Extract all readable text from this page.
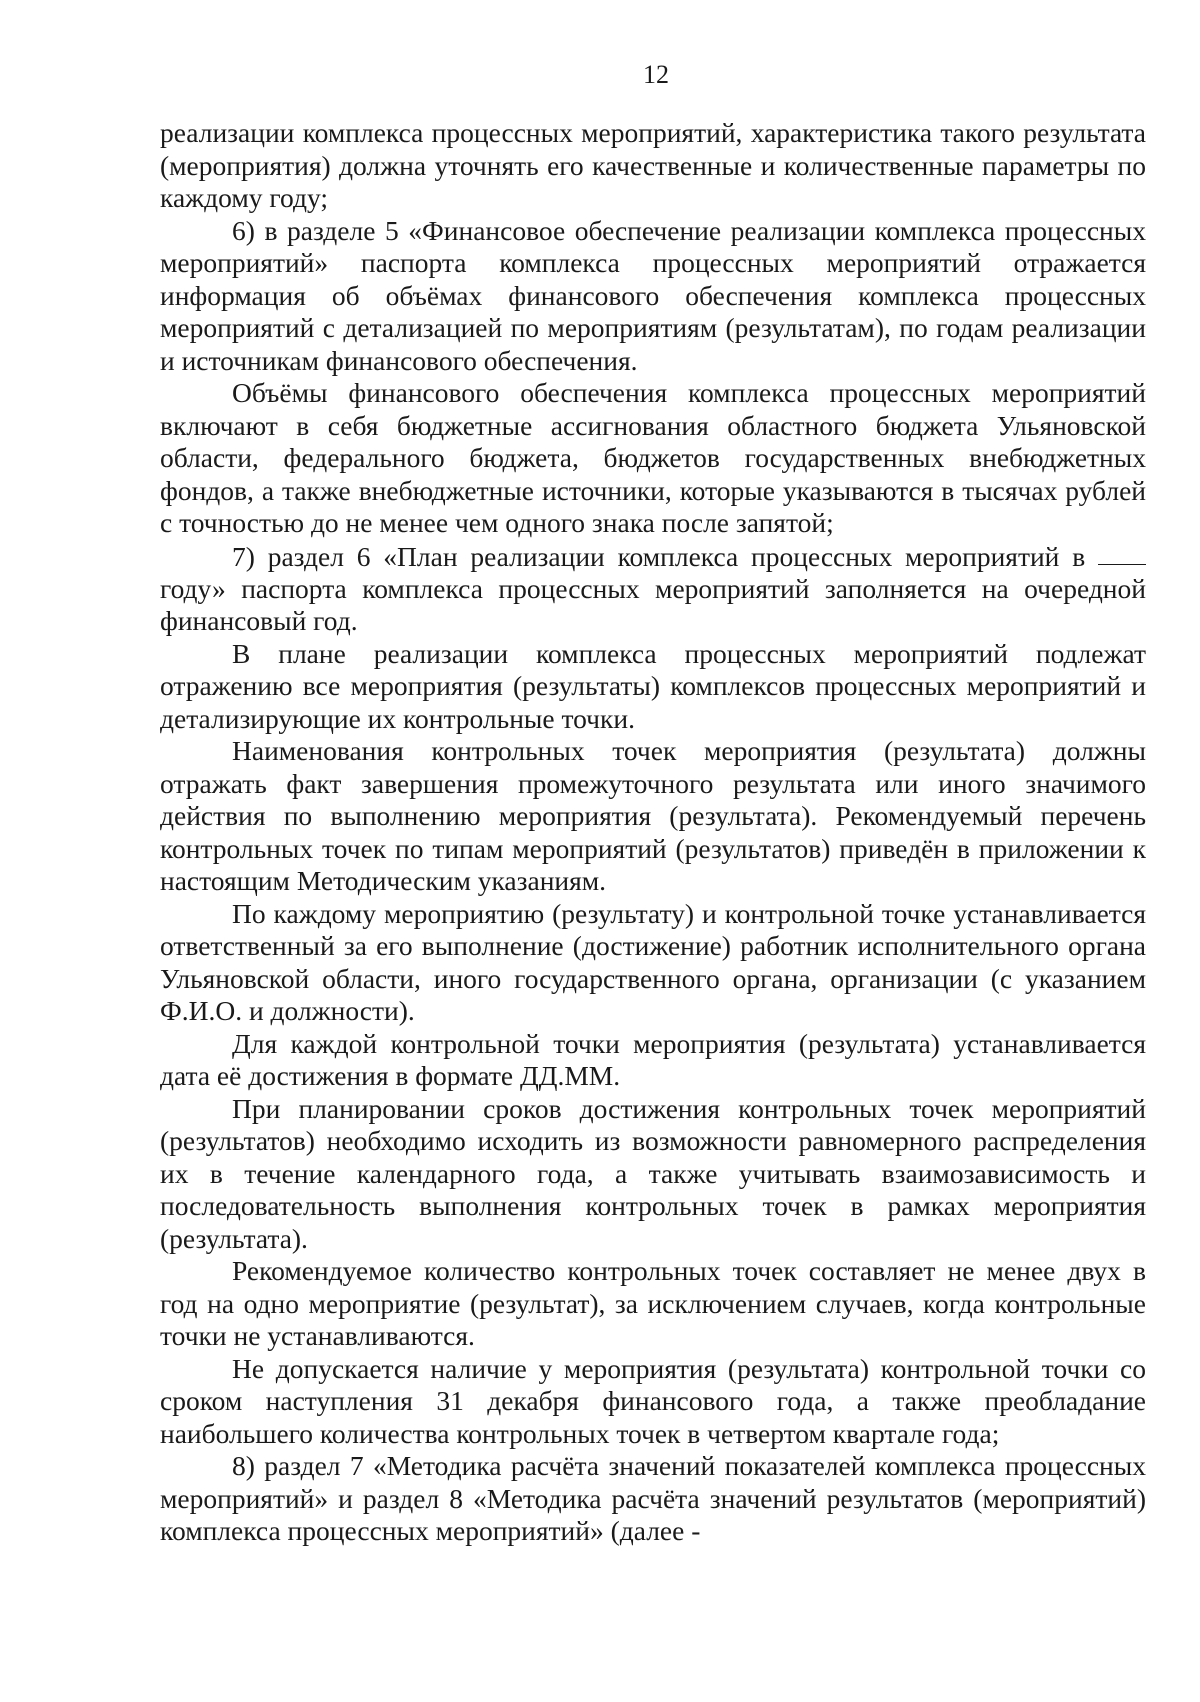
12

реализации комплекса процессных мероприятий, характеристика такого результата (мероприятия) должна уточнять его качественные и количественные параметры по каждому году;

6) в разделе 5 «Финансовое обеспечение реализации комплекса процессных мероприятий» паспорта комплекса процессных мероприятий отражается информация об объёмах финансового обеспечения комплекса процессных мероприятий с детализацией по мероприятиям (результатам), по годам реализации и источникам финансового обеспечения.

Объёмы финансового обеспечения комплекса процессных мероприятий включают в себя бюджетные ассигнования областного бюджета Ульяновской области, федерального бюджета, бюджетов государственных внебюджетных фондов, а также внебюджетные источники, которые указываются в тысячах рублей с точностью до не менее чем одного знака после запятой;

7) раздел 6 «План реализации комплекса процессных мероприятий в  году» паспорта комплекса процессных мероприятий заполняется на очередной финансовый год.

В плане реализации комплекса процессных мероприятий подлежат отражению все мероприятия (результаты) комплексов процессных мероприятий и детализирующие их контрольные точки.

Наименования контрольных точек мероприятия (результата) должны отражать факт завершения промежуточного результата или иного значимого действия по выполнению мероприятия (результата). Рекомендуемый перечень контрольных точек по типам мероприятий (результатов) приведён в приложении к настоящим Методическим указаниям.

По каждому мероприятию (результату) и контрольной точке устанавливается ответственный за его выполнение (достижение) работник исполнительного органа Ульяновской области, иного государственного органа, организации (с указанием Ф.И.О. и должности).

Для каждой контрольной точки мероприятия (результата) устанавливается дата её достижения в формате ДД.ММ.

При планировании сроков достижения контрольных точек мероприятий (результатов) необходимо исходить из возможности равномерного распределения их в течение календарного года, а также учитывать взаимозависимость и последовательность выполнения контрольных точек в рамках мероприятия (результата).

Рекомендуемое количество контрольных точек составляет не менее двух в год на одно мероприятие (результат), за исключением случаев, когда контрольные точки не устанавливаются.

Не допускается наличие у мероприятия (результата) контрольной точки со сроком наступления 31 декабря финансового года, а также преобладание наибольшего количества контрольных точек в четвертом квартале года;

8) раздел 7 «Методика расчёта значений показателей комплекса процессных мероприятий» и раздел 8 «Методика расчёта значений результатов (мероприятий) комплекса процессных мероприятий» (далее -
